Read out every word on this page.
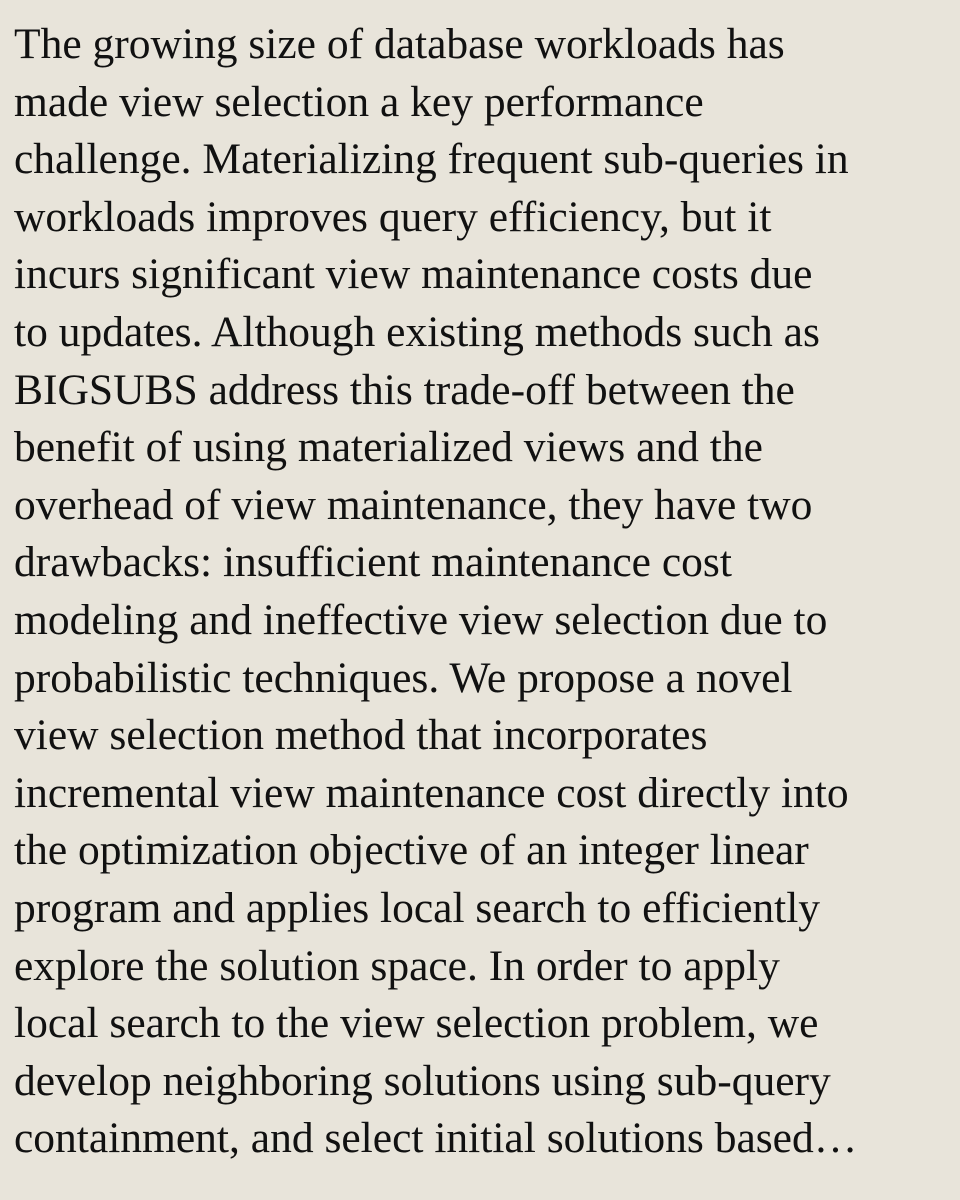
The growing size of database workloads has
made view selection a key performance
challenge. Materializing frequent sub-queries in
workloads improves query efficiency, but it
incurs significant view maintenance costs due
to updates. Although existing methods such as
BIGSUBS address this trade-off between the
benefit of using materialized views and the
overhead of view maintenance, they have two
drawbacks: insufficient maintenance cost
modeling and ineffective view selection due to
probabilistic techniques. We propose a novel
view selection method that incorporates
incremental view maintenance cost directly into
the optimization objective of an integer linear
program and applies local search to efficiently
explore the solution space. In order to apply
local search to the view selection problem, we
develop neighboring solutions using sub-query
containment, and select initial solutions based…
